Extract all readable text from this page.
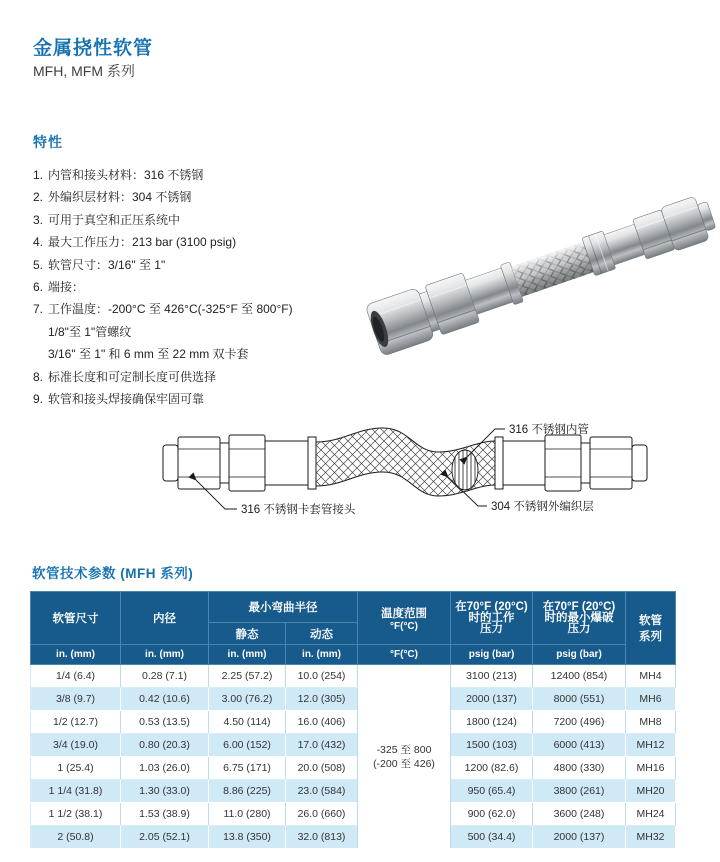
金属挠性软管
MFH, MFM 系列
特性
1. 内管和接头材料：316 不锈钢
2. 外编织层材料：304 不锈钢
3. 可用于真空和正压系统中
4. 最大工作压力：213 bar (3100 psig)
5. 软管尺寸：3/16" 至 1"
6. 端接：
7. 工作温度：-200°C 至 426°C(-325°F 至 800°F)
1/8"至 1"管螺纹
3/16" 至 1" 和 6 mm 至 22 mm 双卡套
8. 标准长度和可定制长度可供选择
9. 软管和接头焊接确保牢固可靠
316 不锈钢内管
304 不锈钢外编织层
316 不锈钢卡套管接头
软管技术参数 (MFH 系列)
软管尺寸	内径	最小弯曲半径	温度范围
°F(°C)

在70°F (20°C)
时的工作
压力

在70°F (20°C)
时的最小爆破
压力

软管
系列

		静态	动态				
in. (mm)	in. (mm)	in. (mm)	in. (mm)	°F(°C)	psig (bar)	psig (bar)	
1/4 (6.4)	0.28 (7.1)	2.25 (57.2)	10.0 (254)	-325 至 800
(-200 至 426)	3100 (213)	12400 (854)	MH4
3/8 (9.7)	0.42 (10.6)	3.00 (76.2)	12.0 (305)		2000 (137)	8000 (551)	MH6
1/2 (12.7)	0.53 (13.5)	4.50 (114)	16.0 (406)		1800 (124)	7200 (496)	MH8
3/4 (19.0)	0.80 (20.3)	6.00 (152)	17.0 (432)		1500 (103)	6000 (413)	MH12
1 (25.4)	1.03 (26.0)	6.75 (171)	20.0 (508)		1200 (82.6)	4800 (330)	MH16
1 1/4 (31.8)	1.30 (33.0)	8.86 (225)	23.0 (584)		950 (65.4)	3800 (261)	MH20
1 1/2 (38.1)	1.53 (38.9)	11.0 (280)	26.0 (660)		900 (62.0)	3600 (248)	MH24
2 (50.8)	2.05 (52.1)	13.8 (350)	32.0 (813)		500 (34.4)	2000 (137)	MH32
